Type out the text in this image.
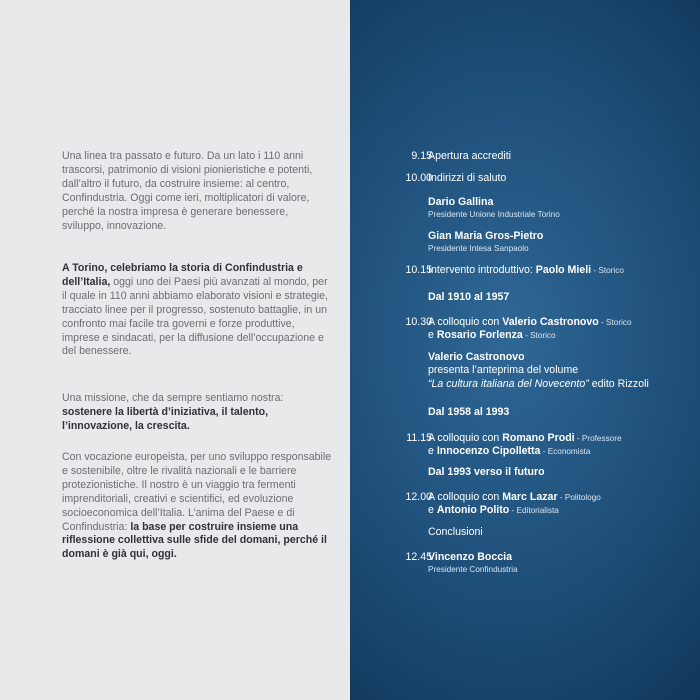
Una linea tra passato e futuro. Da un lato i 110 anni trascorsi, patrimonio di visioni pionieristiche e potenti, dall’altro il futuro, da costruire insieme: al centro, Confindustria. Oggi come ieri, moltiplicatori di valore, perché la nostra impresa è generare benessere, sviluppo, innovazione.
A Torino, celebriamo la storia di Confindustria e dell’Italia, oggi uno dei Paesi più avanzati al mondo, per il quale in 110 anni abbiamo elaborato visioni e strategie, tracciato linee per il progresso, sostenuto battaglie, in un confronto mai facile tra governi e forze produttive, imprese e sindacati, per la diffusione dell’occupazione e del benessere.
Una missione, che da sempre sentiamo nostra: sostenere la libertà d’iniziativa, il talento, l’innovazione, la crescita.
Con vocazione europeista, per uno sviluppo responsabile e sostenibile, oltre le rivalità nazionali e le barriere protezionistiche. Il nostro è un viaggio tra fermenti imprenditoriali, creativi e scientifici, ed evoluzione socioeconomica dell’Italia. L’anima del Paese e di Confindustria: la base per costruire insieme una riflessione collettiva sulle sfide del domani, perché il domani è già qui, oggi.
9.15
Apertura accrediti
10.00
Indirizzi di saluto
Dario Gallina
Presidente Unione Industriale Torino
Gian Maria Gros-Pietro
Presidente Intesa Sanpaolo
10.15
Intervento introduttivo: Paolo Mieli - Storico
Dal 1910 al 1957
10.30
A colloquio con Valerio Castronovo - Storico
e Rosario Forlenza - Storico
Valerio Castronovo
presenta l’anteprima del volume
“La cultura italiana del Novecento” edito Rizzoli
Dal 1958 al 1993
11.15
A colloquio con Romano Prodi - Professore
e Innocenzo Cipolletta - Economista
Dal 1993 verso il futuro
12.00
A colloquio con Marc Lazar - Politologo
e Antonio Polito - Editorialista
Conclusioni
12.45
Vincenzo Boccia
Presidente Confindustria
